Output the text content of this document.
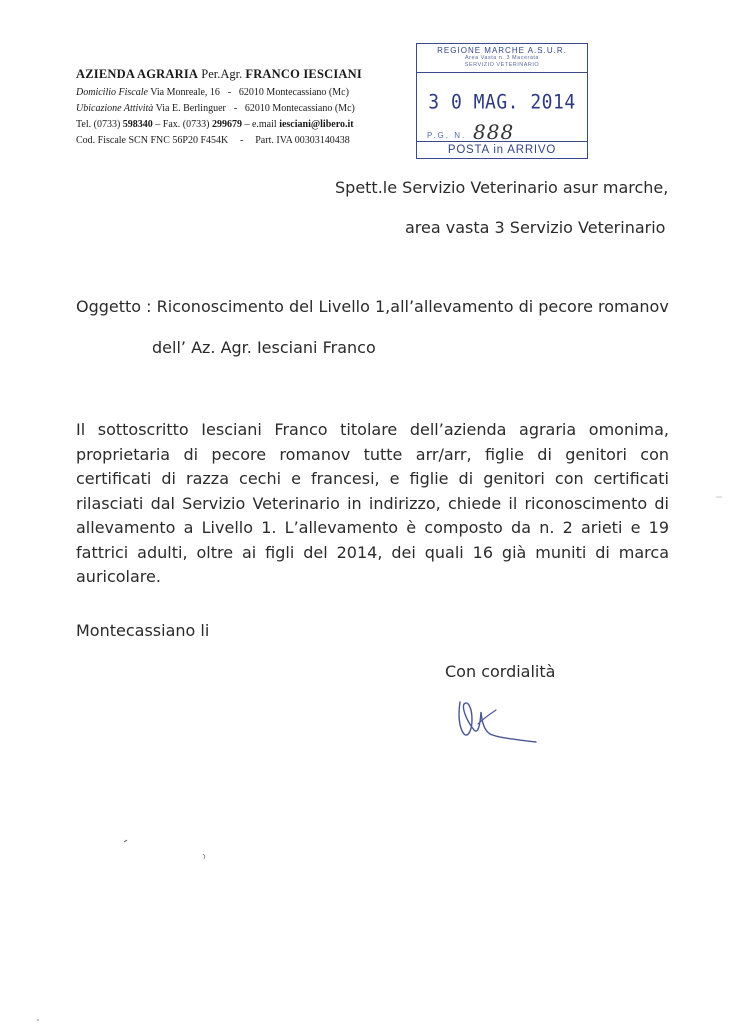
AZIENDA AGRARIA Per.Agr. FRANCO IESCIANI
Domicilio Fiscale Via Monreale, 16 - 62010 Montecassiano (Mc)
Ubicazione Attività Via E. Berlinguer - 62010 Montecassiano (Mc)
Tel. (0733) 598340 – Fax. (0733) 299679 – e.mail iesciani@libero.it
Cod. Fiscale SCN FNC 56P20 F454K - Part. IVA 00303140438
REGIONE MARCHE A.S.U.R.
Area Vasta n. 3 Macerata
SERVIZIO VETERINARIO
3 0 MAG. 2014
P.G. N. 888
POSTA in ARRIVO
Spett.le Servizio Veterinario asur marche,
area vasta 3 Servizio Veterinario
Oggetto : Riconoscimento del Livello 1,all’allevamento di pecore romanov
dell’ Az. Agr. Iesciani Franco
Il sottoscritto Iesciani Franco titolare dell’azienda agraria omonima,
proprietaria di pecore romanov tutte arr/arr, figlie di genitori con
certificati di razza cechi e francesi, e figlie di genitori con certificati
rilasciati dal Servizio Veterinario in indirizzo, chiede il riconoscimento di
allevamento a Livello 1. L’allevamento è composto da n. 2 arieti e 19
fattrici adulti, oltre ai figli del 2014, dei quali 16 già muniti di marca
auricolare.
Montecassiano li
Con cordialità
